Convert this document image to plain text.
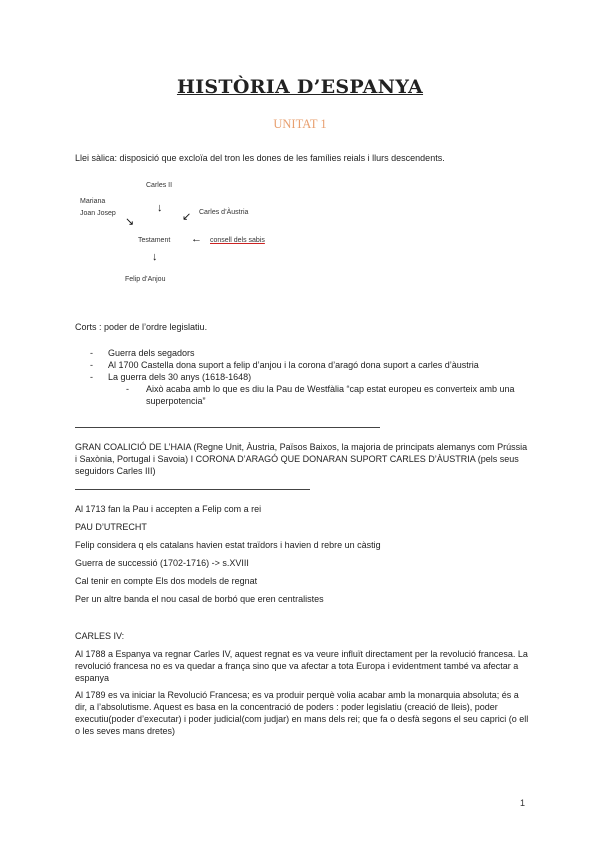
HISTÒRIA D’ESPANYA
UNITAT 1
Llei sàlica: disposició que excloïa del tron les dones de les famílies reials i llurs descendents.
Carles II
Mariana
Joan Josep	Carles d’Àustria
↓
↘	↙
Testament ← consell dels sabis
↓
Felip d’Anjou
Corts : poder de l’ordre legislatiu.
- Guerra dels segadors
- Al 1700 Castella dona suport a felip d’anjou i la corona d’aragó dona suport a carles d’àustria
- La guerra dels 30 anys (1618-1648)
- Això acaba amb lo que es diu la Pau de Westfàlia “cap estat europeu es converteix amb una superpotencia”
GRAN COALICIÓ DE L’HAIA (Regne Unit, Àustria, Països Baixos, la majoria de principats alemanys com Prússia i Saxònia, Portugal i Savoia) I CORONA D’ARAGÓ QUE DONARAN SUPORT CARLES D’ÀUSTRIA (pels seus seguidors Carles III)
Al 1713 fan la Pau i accepten a Felip com a rei
PAU D’UTRECHT
Felip considera q els catalans havien estat traïdors i havien d rebre un càstig
Guerra de successió (1702-1716) -> s.XVIII
Cal tenir en compte Els dos models de regnat
Per un altre banda el nou casal de borbó que eren centralistes
CARLES IV:
Al 1788 a Espanya va regnar Carles IV, aquest regnat es va veure influït directament per la revolució francesa. La revolució francesa no es va quedar a frança sino que va afectar a tota Europa i evidentment també va afectar a espanya
Al 1789 es va iniciar la Revolució Francesa; es va produir perquè volia acabar amb la monarquia absoluta; és a dir, a l’absolutisme. Aquest es basa en la concentració de poders : poder legislatiu (creació de lleis), poder executiu(poder d’executar) i poder judicial(com judjar) en mans dels rei; que fa o desfà segons el seu caprici (o ell o les seves mans dretes)
1
